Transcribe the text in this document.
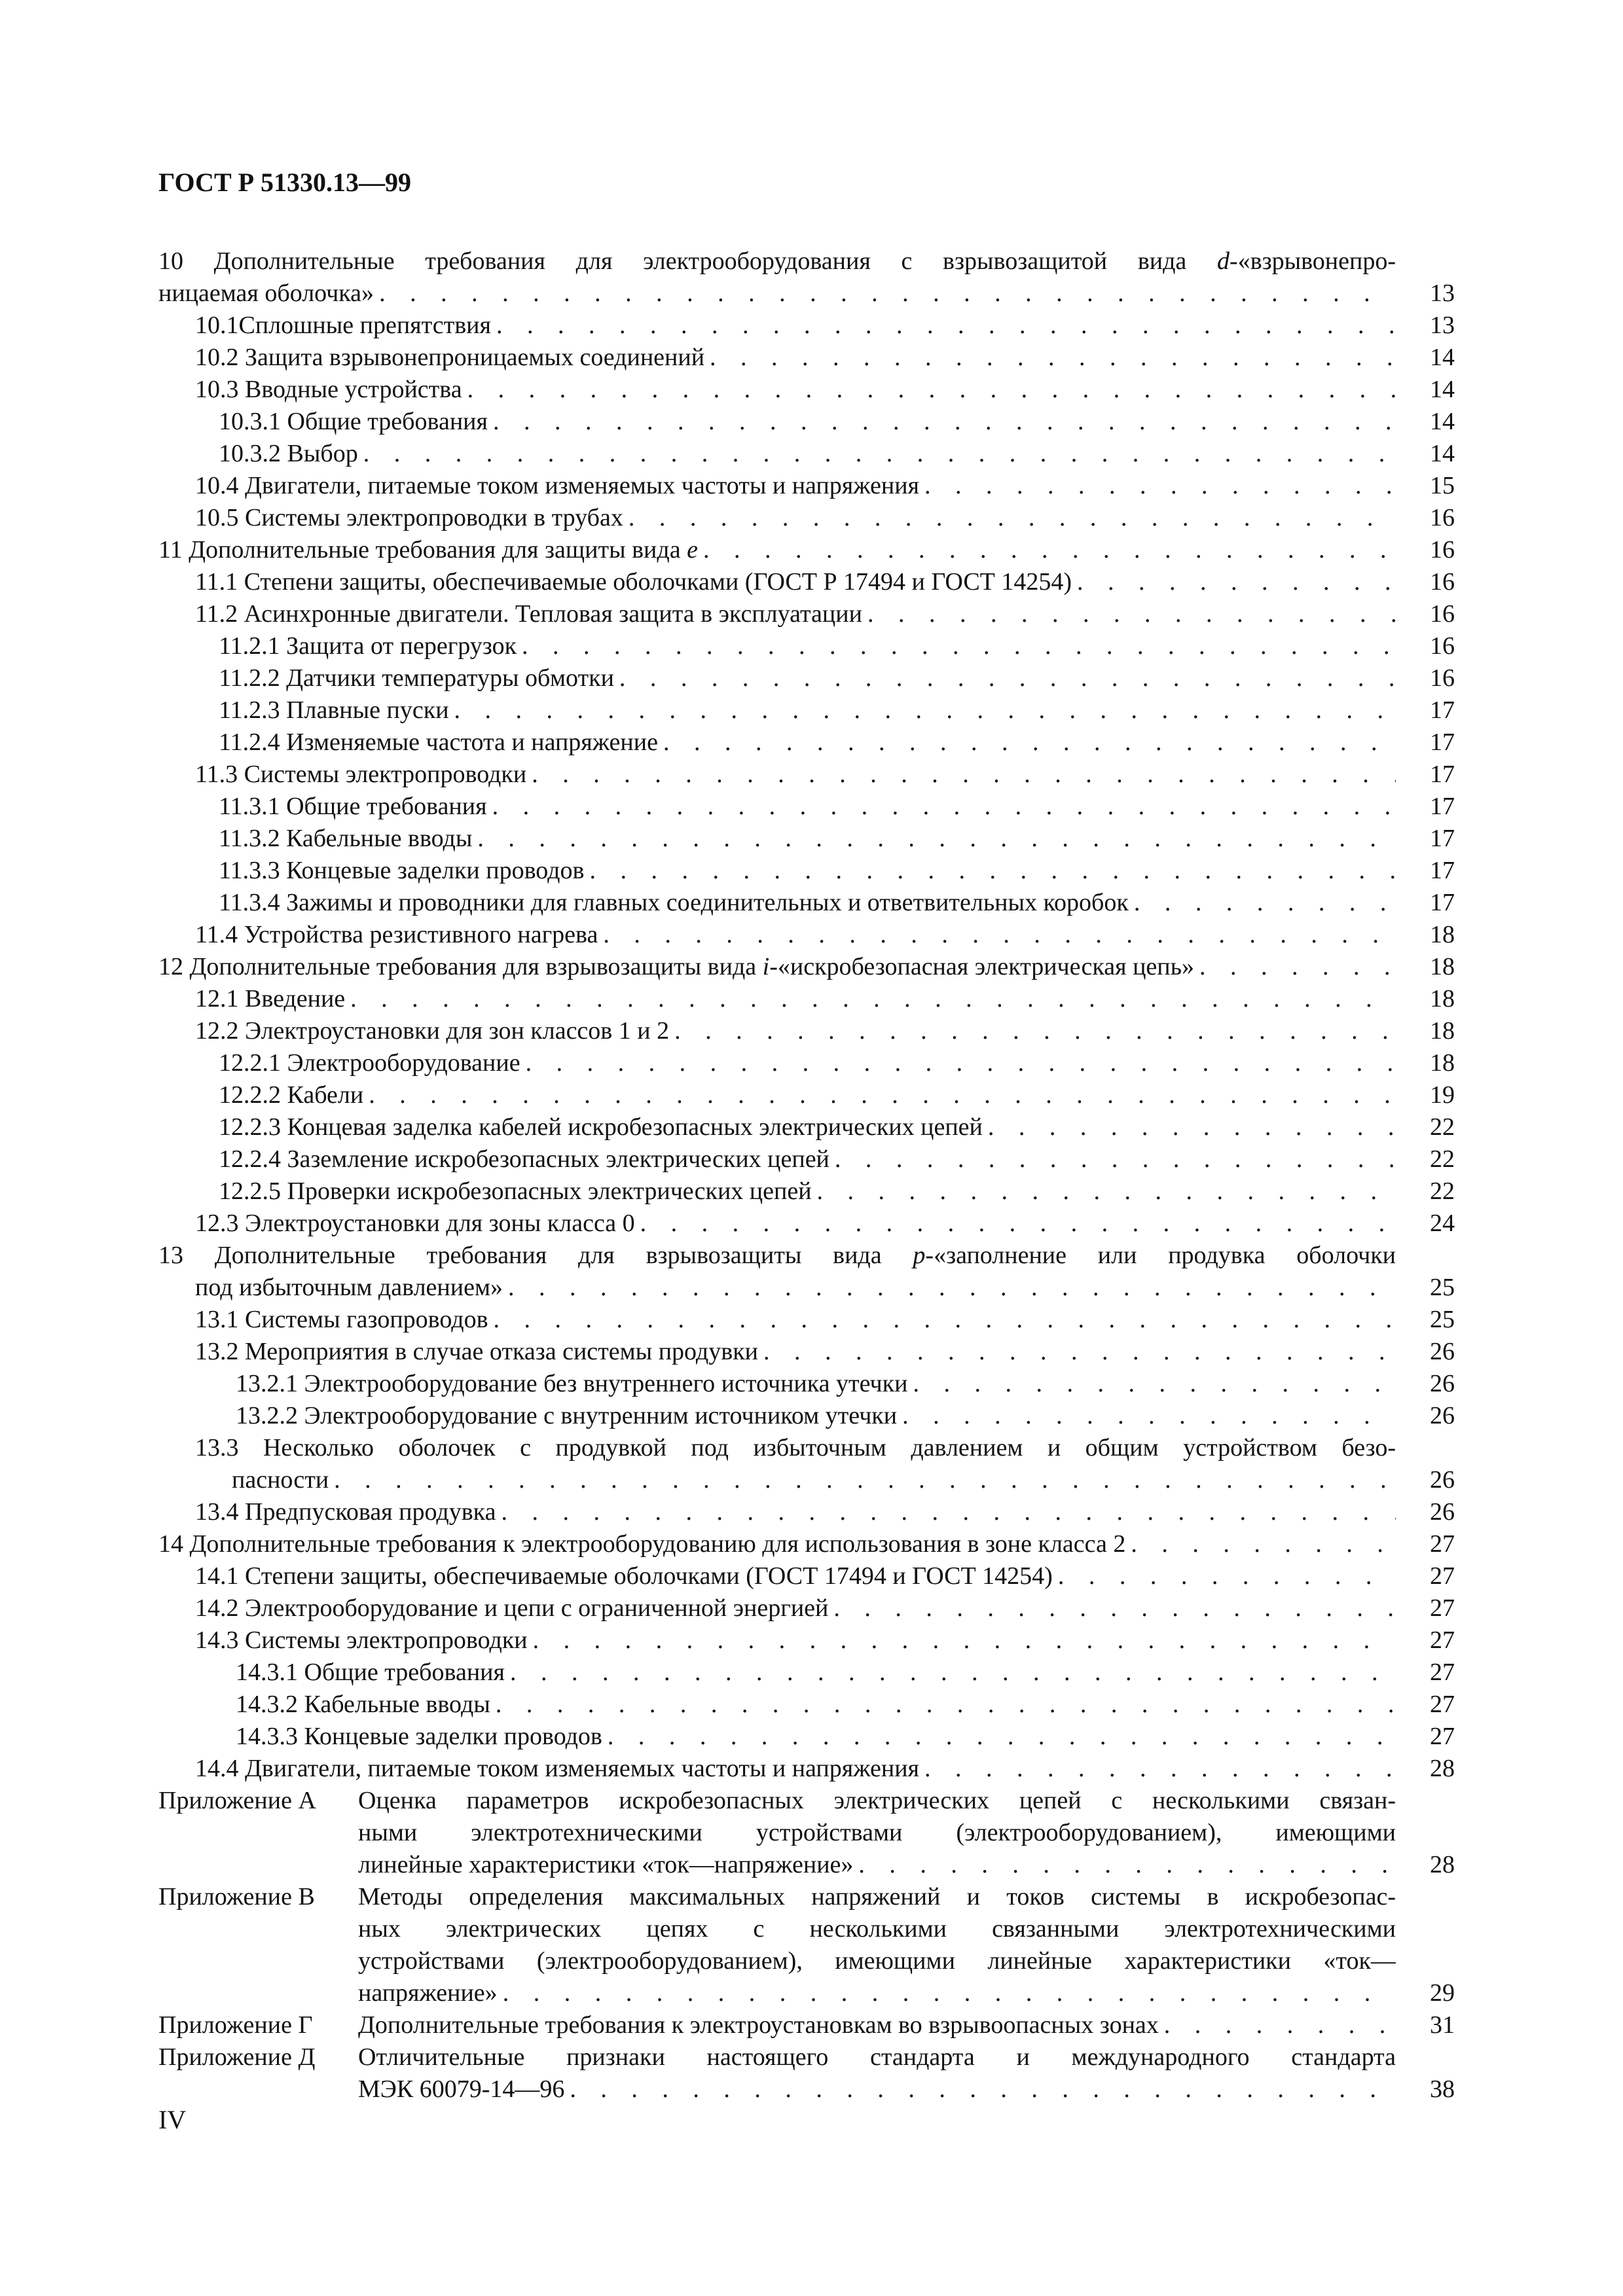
ГОСТ Р 51330.13—99
10 Дополнительные требования для электрооборудования с взрывозащитой вида d-«взрывонепро-
ницаемая оболочка» . . .	13
10.1Сплошные препятствия . . .	13
10.2 Защита взрывонепроницаемых соединений . . .	14
10.3 Вводные устройства . . .	14
10.3.1 Общие требования . . .	14
10.3.2 Выбор . . .	14
10.4 Двигатели, питаемые током изменяемых частоты и напряжения . . .	15
10.5 Системы электропроводки в трубах . . .	16
11 Дополнительные требования для защиты вида e . . .	16
11.1 Степени защиты, обеспечиваемые оболочками (ГОСТ Р 17494 и ГОСТ 14254) . . .	16
11.2 Асинхронные двигатели. Тепловая защита в эксплуатации . . .	16
11.2.1 Защита от перегрузок . . .	16
11.2.2 Датчики температуры обмотки . . .	16
11.2.3 Плавные пуски . . .	17
11.2.4 Изменяемые частота и напряжение . . .	17
11.3 Системы электропроводки . . .	17
11.3.1 Общие требования . . .	17
11.3.2 Кабельные вводы . . .	17
11.3.3 Концевые заделки проводов . . .	17
11.3.4 Зажимы и проводники для главных соединительных и ответвительных коробок . . .	17
11.4 Устройства резистивного нагрева . . .	18
12 Дополнительные требования для взрывозащиты вида i-«искробезопасная электрическая цепь» . . .	18
12.1 Введение . . .	18
12.2 Электроустановки для зон классов 1 и 2 . . .	18
12.2.1 Электрооборудование . . .	18
12.2.2 Кабели . . .	19
12.2.3 Концевая заделка кабелей искробезопасных электрических цепей . . .	22
12.2.4 Заземление искробезопасных электрических цепей . . .	22
12.2.5 Проверки искробезопасных электрических цепей . . .	22
12.3 Электроустановки для зоны класса 0 . . .	24
13 Дополнительные требования для взрывозащиты вида p-«заполнение или продувка оболочки
под избыточным давлением» . . .	25
13.1 Системы газопроводов . . .	25
13.2 Мероприятия в случае отказа системы продувки . . .	26
13.2.1 Электрооборудование без внутреннего источника утечки . . .	26
13.2.2 Электрооборудование с внутренним источником утечки . . .	26
13.3 Несколько оболочек с продувкой под избыточным давлением и общим устройством безо-
пасности . . .	26
13.4 Предпусковая продувка . . .	26
14 Дополнительные требования к электрооборудованию для использования в зоне класса 2 . . .	27
14.1 Степени защиты, обеспечиваемые оболочками (ГОСТ 17494 и ГОСТ 14254) . . .	27
14.2 Электрооборудование и цепи с ограниченной энергией . . .	27
14.3 Системы электропроводки . . .	27
14.3.1 Общие требования . . .	27
14.3.2 Кабельные вводы . . .	27
14.3.3 Концевые заделки проводов . . .	27
14.4 Двигатели, питаемые током изменяемых частоты и напряжения . . .	28
Приложение А	Оценка параметров искробезопасных электрических цепей с несколькими связан-
ными электротехническими устройствами (электрооборудованием), имеющими
линейные характеристики «ток—напряжение» . . .	28
Приложение В	Методы определения максимальных напряжений и токов системы в искробезопас-
ных электрических цепях с несколькими связанными электротехническими
устройствами (электрооборудованием), имеющими линейные характеристики «ток—
напряжение» . . .	29
Приложение Г	Дополнительные требования к электроустановкам во взрывоопасных зонах . . .	31
Приложение Д	Отличительные признаки настоящего стандарта и международного стандарта
МЭК 60079-14—96 . . .	38
IV
